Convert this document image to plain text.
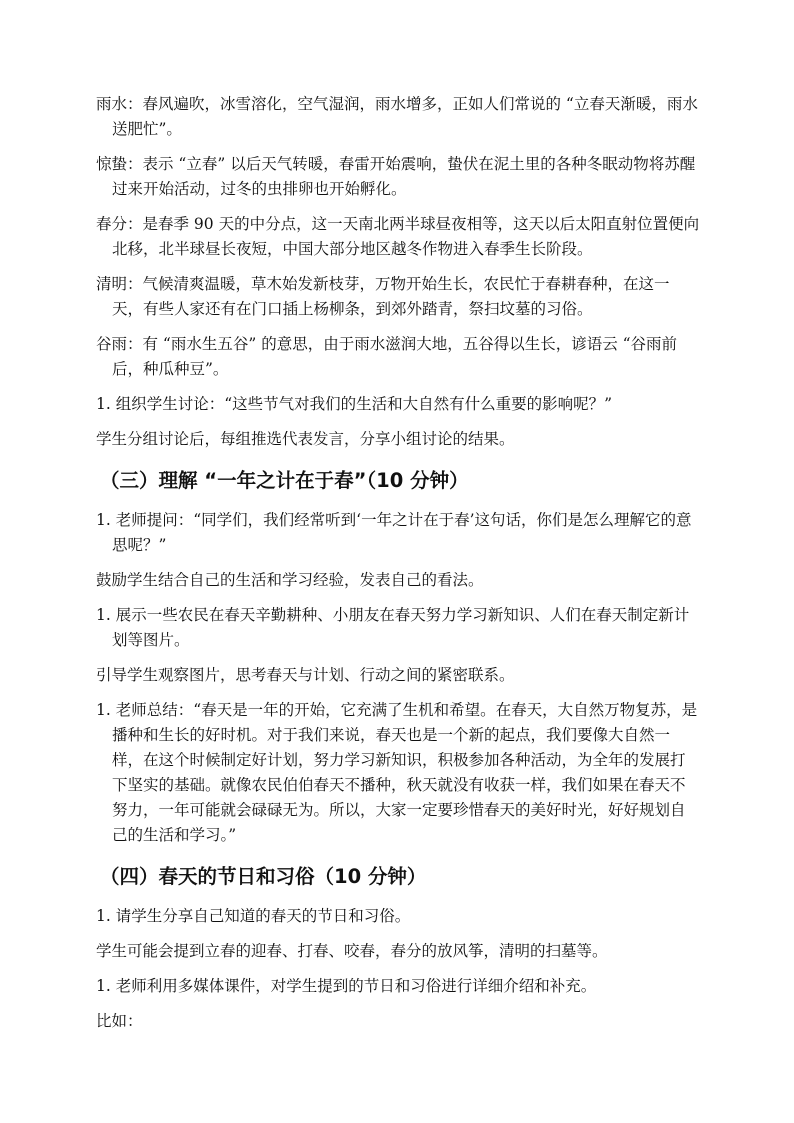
雨水：春风遍吹，冰雪溶化，空气湿润，雨水增多，正如人们常说的 “立春天渐暖，雨水送肥忙”。

惊蛰：表示 “立春” 以后天气转暖，春雷开始震响，蛰伏在泥土里的各种冬眠动物将苏醒过来开始活动，过冬的虫排卵也开始孵化。

春分：是春季 90 天的中分点，这一天南北两半球昼夜相等，这天以后太阳直射位置便向北移，北半球昼长夜短，中国大部分地区越冬作物进入春季生长阶段。

清明：气候清爽温暖，草木始发新枝芽，万物开始生长，农民忙于春耕春种，在这一天，有些人家还有在门口插上杨柳条，到郊外踏青，祭扫坟墓的习俗。

谷雨：有 “雨水生五谷” 的意思，由于雨水滋润大地，五谷得以生长，谚语云 “谷雨前后，种瓜种豆”。

1. 组织学生讨论：“这些节气对我们的生活和大自然有什么重要的影响呢？”

学生分组讨论后，每组推选代表发言，分享小组讨论的结果。

（三）理解 “一年之计在于春”（10 分钟）

1. 老师提问：“同学们，我们经常听到‘一年之计在于春’这句话，你们是怎么理解它的意思呢？”

鼓励学生结合自己的生活和学习经验，发表自己的看法。

1. 展示一些农民在春天辛勤耕种、小朋友在春天努力学习新知识、人们在春天制定新计划等图片。

引导学生观察图片，思考春天与计划、行动之间的紧密联系。

1. 老师总结：“春天是一年的开始，它充满了生机和希望。在春天，大自然万物复苏，是播种和生长的好时机。对于我们来说，春天也是一个新的起点，我们要像大自然一样，在这个时候制定好计划，努力学习新知识，积极参加各种活动，为全年的发展打下坚实的基础。就像农民伯伯春天不播种，秋天就没有收获一样，我们如果在春天不努力，一年可能就会碌碌无为。所以，大家一定要珍惜春天的美好时光，好好规划自己的生活和学习。”

（四）春天的节日和习俗（10 分钟）

1. 请学生分享自己知道的春天的节日和习俗。

学生可能会提到立春的迎春、打春、咬春，春分的放风筝，清明的扫墓等。

1. 老师利用多媒体课件，对学生提到的节日和习俗进行详细介绍和补充。

比如：
